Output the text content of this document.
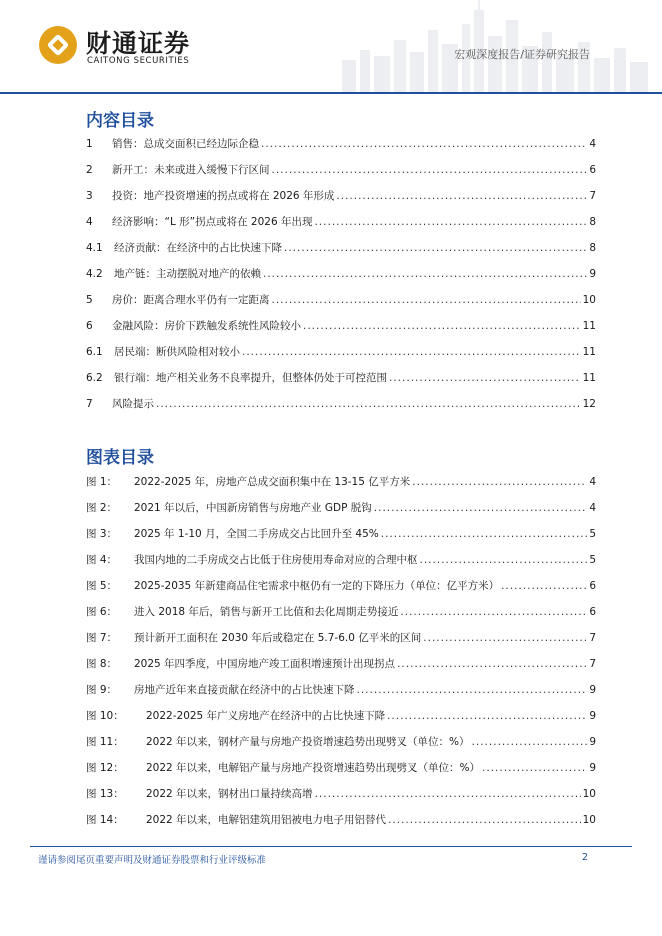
财通证券
CAITONG SECURITIES	宏观深度报告/证券研究报告
内容目录
1	销售：总成交面积已经边际企稳 .....	4
2	新开工：未来或进入缓慢下行区间 .....	6
3	投资：地产投资增速的拐点或将在 2026 年形成 .....	7
4	经济影响：“L 形”拐点或将在 2026 年出现 .....	8
4.1	经济贡献：在经济中的占比快速下降 .....	8
4.2	地产链：主动摆脱对地产的依赖 .....	9
5	房价：距离合理水平仍有一定距离 .....	10
6	金融风险：房价下跌触发系统性风险较小 .....	11
6.1	居民端：断供风险相对较小 .....	11
6.2	银行端：地产相关业务不良率提升，但整体仍处于可控范围 .....	11
7	风险提示 .....	12
图表目录
图 1：	2022-2025 年，房地产总成交面积集中在 13-15 亿平方米 .....	4
图 2：	2021 年以后，中国新房销售与房地产业 GDP 脱钩 .....	4
图 3：	2025 年 1-10 月，全国二手房成交占比回升至 45% .....	5
图 4：	我国内地的二手房成交占比低于住房使用寿命对应的合理中枢 .....	5
图 5：	2025-2035 年新建商品住宅需求中枢仍有一定的下降压力（单位：亿平方米） .....	6
图 6：	进入 2018 年后，销售与新开工比值和去化周期走势接近 .....	6
图 7：	预计新开工面积在 2030 年后或稳定在 5.7-6.0 亿平米的区间 .....	7
图 8：	2025 年四季度，中国房地产竣工面积增速预计出现拐点 .....	7
图 9：	房地产近年来直接贡献在经济中的占比快速下降 .....	9
图 10：	2022-2025 年广义房地产在经济中的占比快速下降 .....	9
图 11：	2022 年以来，钢材产量与房地产投资增速趋势出现劈叉（单位：%） .....	9
图 12：	2022 年以来，电解铝产量与房地产投资增速趋势出现劈叉（单位：%） .....	9
图 13：	2022 年以来，钢材出口量持续高增 .....	10
图 14：	2022 年以来，电解铝建筑用铝被电力电子用铝替代 .....	10
谨请参阅尾页重要声明及财通证券股票和行业评级标准	2
